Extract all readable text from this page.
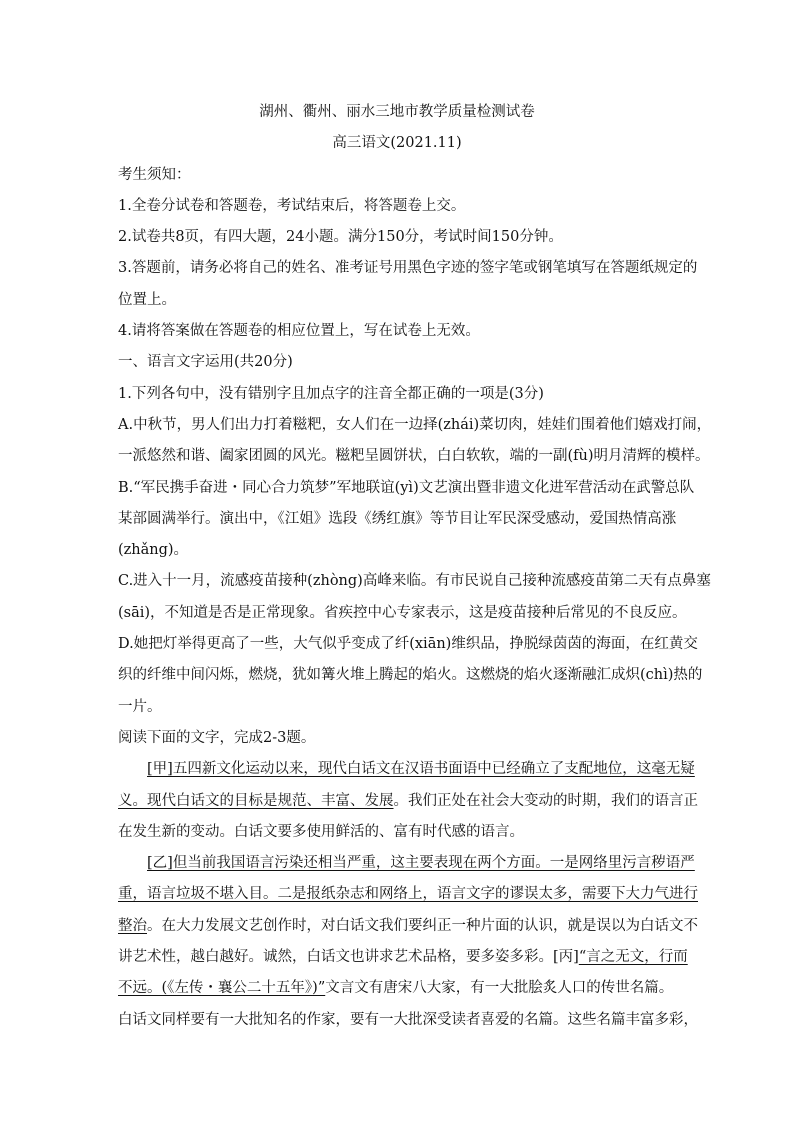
湖州、衢州、丽水三地市教学质量检测试卷
高三语文(2021.11)
考生须知：
1.全卷分试卷和答题卷，考试结束后，将答题卷上交。
2.试卷共8页，有四大题，24小题。满分150分，考试时间150分钟。
3.答题前，请务必将自己的姓名、准考证号用黑色字迹的签字笔或钢笔填写在答题纸规定的
位置上。
4.请将答案做在答题卷的相应位置上，写在试卷上无效。
一、语言文字运用(共20分)
1.下列各句中，没有错别字且加点字的注音全都正确的一项是(3分)
A.中秋节，男人们出力打着糍粑，女人们在一边择(zhái)菜切肉，娃娃们围着他们嬉戏打闹，
一派悠然和谐、阖家团圆的风光。糍粑呈圆饼状，白白软软，端的一副(fù)明月清辉的模样。
B.“军民携手奋进・同心合力筑梦”军地联谊(yì)文艺演出暨非遗文化进军营活动在武警总队
某部圆满举行。演出中，《江姐》选段《绣红旗》等节目让军民深受感动，爱国热情高涨
(zhǎng)。
C.进入十一月，流感疫苗接种(zhòng)高峰来临。有市民说自己接种流感疫苗第二天有点鼻塞
(sāi)，不知道是否是正常现象。省疾控中心专家表示，这是疫苗接种后常见的不良反应。
D.她把灯举得更高了一些，大气似乎变成了纤(xiān)维织品，挣脱绿茵茵的海面，在红黄交
织的纤维中间闪烁，燃烧，犹如篝火堆上腾起的焰火。这燃烧的焰火逐渐融汇成炽(chì)热的
一片。
阅读下面的文字，完成2-3题。
[甲]五四新文化运动以来，现代白话文在汉语书面语中已经确立了支配地位，这毫无疑
义。现代白话文的目标是规范、丰富、发展。我们正处在社会大变动的时期，我们的语言正
在发生新的变动。白话文要多使用鲜活的、富有时代感的语言。
[乙]但当前我国语言污染还相当严重，这主要表现在两个方面。一是网络里污言秽语严
重，语言垃圾不堪入目。二是报纸杂志和网络上，语言文字的谬误太多，需要下大力气进行
整治。在大力发展文艺创作时，对白话文我们要纠正一种片面的认识，就是误以为白话文不
讲艺术性，越白越好。诚然，白话文也讲求艺术品格，要多姿多彩。[丙]“言之无文，行而
不远。(《左传・襄公二十五年》)”文言文有唐宋八大家，有一大批脍炙人口的传世名篇。
白话文同样要有一大批知名的作家，要有一大批深受读者喜爱的名篇。这些名篇丰富多彩，
